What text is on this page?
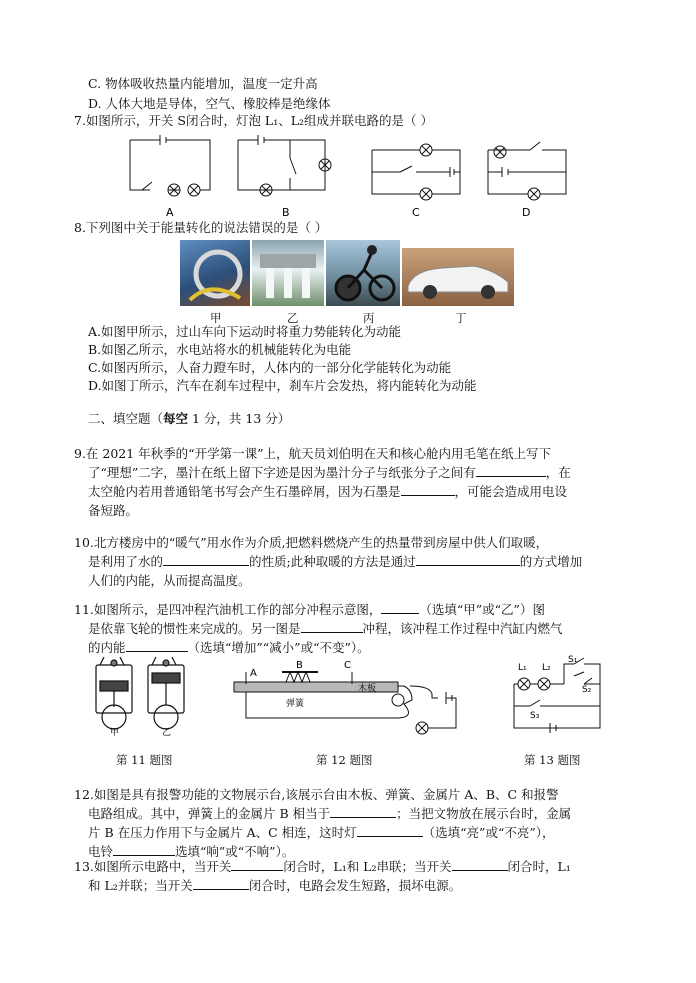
C. 物体吸收热量内能增加，温度一定升高
D. 人体大地是导体，空气、橡胶棒是绝缘体
7.如图所示，开关 S闭合时，灯泡 L₁、L₂组成并联电路的是（ ）
A	B	C	D
8.下列图中关于能量转化的说法错误的是（ ）
甲	乙	丙	丁
A.如图甲所示，过山车向下运动时将重力势能转化为动能
B.如图乙所示，水电站将水的机械能转化为电能
C.如图丙所示，人奋力蹬车时，人体内的一部分化学能转化为动能
D.如图丁所示，汽车在刹车过程中，刹车片会发热，将内能转化为动能
二、填空题（每空 1 分，共 13 分）
9.在 2021 年秋季的“开学第一课”上，航天员刘伯明在天和核心舱内用毛笔在纸上写下
了“理想”二字，墨汁在纸上留下字迹是因为墨汁分子与纸张分子之间有	，在
太空舱内若用普通铅笔书写会产生石墨碎屑，因为石墨是	，可能会造成用电设
备短路。
10.北方楼房中的“暖气”用水作为介质,把燃料燃烧产生的热量带到房屋中供人们取暖，
是利用了水的	的性质;此种取暖的方法是通过	的方式增加
人们的内能，从而提高温度。
11.如图所示，是四冲程汽油机工作的部分冲程示意图，	（选填“甲”或“乙”）图
是依靠飞轮的惯性来完成的。另一图是	冲程，该冲程工作过程中汽缸内燃气
的内能	（选填“增加”“减小”或“不变”）。
甲	乙
A
B	C
弹簧
木板
L₁ L₂
S₁
S₂
S₃
第 11 题图	第 12 题图	第 13 题图
12.如图是具有报警功能的文物展示台,该展示台由木板、弹簧、金属片 A、B、C 和报警
电路组成。其中，弹簧上的金属片 B 相当于	；当把文物放在展示台时，金属
片 B 在压力作用下与金属片 A、C 相连，这时灯	（选填“亮”或“不亮”），
电铃	选填“响”或“不响”）。
13.如图所示电路中，当开关	闭合时，L₁和 L₂串联；当开关	闭合时，L₁
和 L₂并联；当开关	闭合时，电路会发生短路，损坏电源。
